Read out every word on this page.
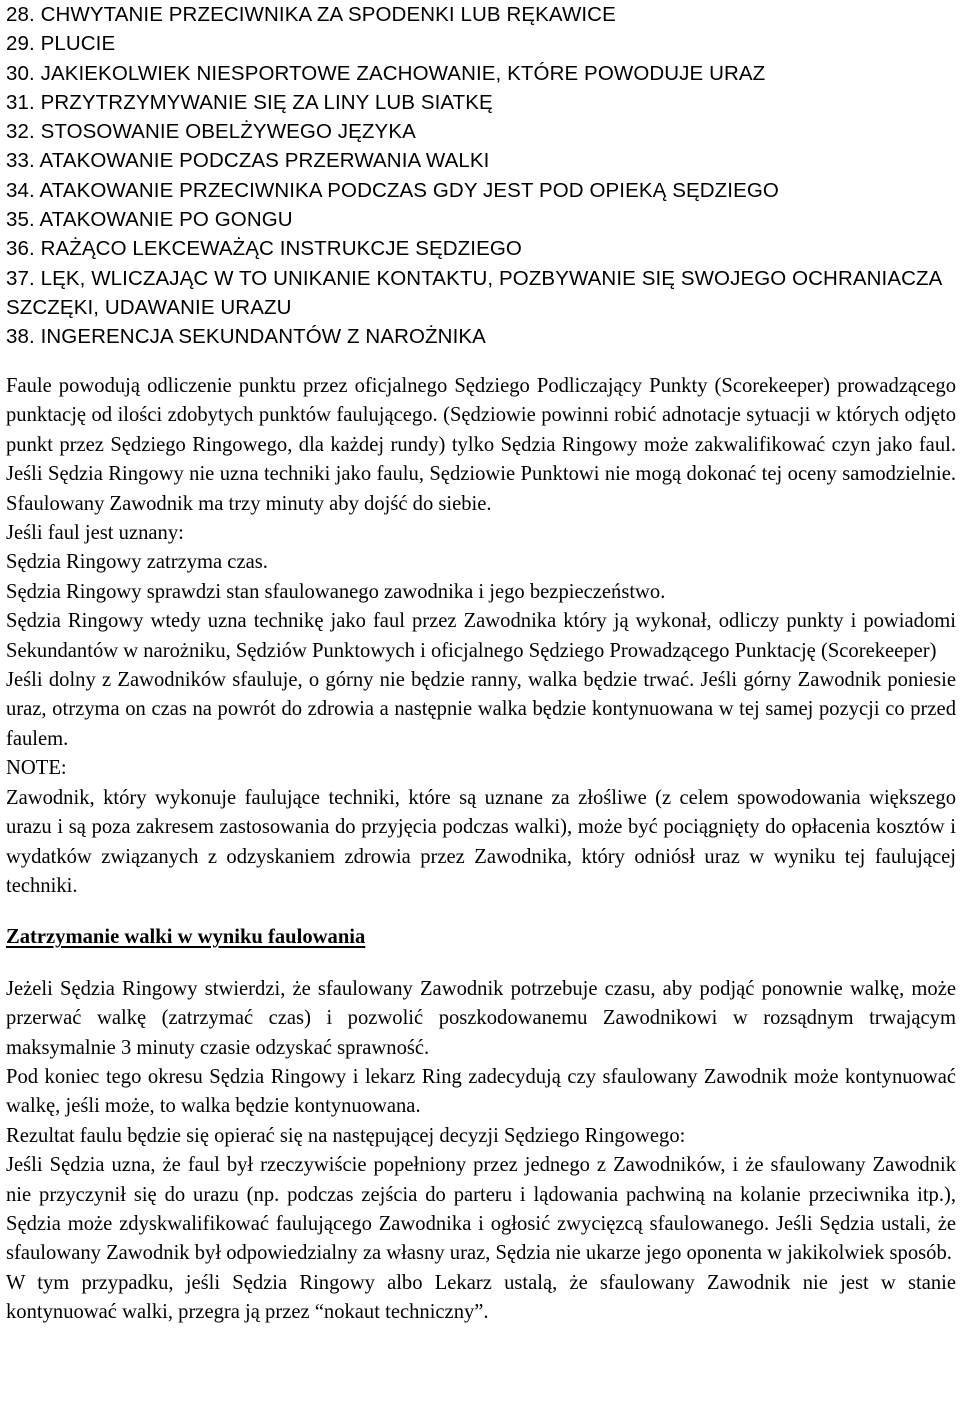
28. CHWYTANIE PRZECIWNIKA ZA SPODENKI LUB RĘKAWICE
29. PLUCIE
30. JAKIEKOLWIEK NIESPORTOWE ZACHOWANIE, KTÓRE POWODUJE URAZ
31. PRZYTRZYMYWANIE SIĘ ZA LINY LUB SIATKĘ
32. STOSOWANIE OBELŻYWEGO JĘZYKA
33. ATAKOWANIE PODCZAS PRZERWANIA WALKI
34. ATAKOWANIE PRZECIWNIKA PODCZAS GDY JEST POD OPIEKĄ SĘDZIEGO
35. ATAKOWANIE PO GONGU
36. RAŻĄCO LEKCEWAŻĄC INSTRUKCJE SĘDZIEGO
37. LĘK, WLICZAJĄC W TO UNIKANIE KONTAKTU, POZBYWANIE SIĘ SWOJEGO OCHRANIACZA SZCZĘKI, UDAWANIE URAZU
38. INGERENCJA SEKUNDANTÓW Z NAROŻNIKA

Faule powodują odliczenie punktu przez oficjalnego Sędziego Podliczający Punkty (Scorekeeper) prowadzącego punktację od ilości zdobytych punktów faulującego. (Sędziowie powinni robić adnotacje sytuacji w których odjęto punkt przez Sędziego Ringowego, dla każdej rundy) tylko Sędzia Ringowy może zakwalifikować czyn jako faul. Jeśli Sędzia Ringowy nie uzna techniki jako faulu, Sędziowie Punktowi nie mogą dokonać tej oceny samodzielnie. Sfaulowany Zawodnik ma trzy minuty aby dojść do siebie.

Jeśli faul jest uznany:

Sędzia Ringowy zatrzyma czas.

Sędzia Ringowy sprawdzi stan sfaulowanego zawodnika i jego bezpieczeństwo.

Sędzia Ringowy wtedy uzna technikę jako faul przez Zawodnika który ją wykonał, odliczy punkty i powiadomi Sekundantów w narożniku, Sędziów Punktowych i oficjalnego Sędziego Prowadzącego Punktację (Scorekeeper)

Jeśli dolny z Zawodników sfauluje, o górny nie będzie ranny, walka będzie trwać. Jeśli górny Zawodnik poniesie uraz, otrzyma on czas na powrót do zdrowia a następnie walka będzie kontynuowana w tej samej pozycji co przed faulem.

NOTE:

Zawodnik, który wykonuje faulujące techniki, które są uznane za złośliwe (z celem spowodowania większego urazu i są poza zakresem zastosowania do przyjęcia podczas walki), może być pociągnięty do opłacenia kosztów i wydatków związanych z odzyskaniem zdrowia przez Zawodnika, który odniósł uraz w wyniku tej faulującej techniki.

Zatrzymanie walki w wyniku faulowania

Jeżeli Sędzia Ringowy stwierdzi, że sfaulowany Zawodnik potrzebuje czasu, aby podjąć ponownie walkę, może przerwać walkę (zatrzymać czas) i pozwolić poszkodowanemu Zawodnikowi w rozsądnym trwającym maksymalnie 3 minuty czasie odzyskać sprawność.

Pod koniec tego okresu Sędzia Ringowy i lekarz Ring zadecydują czy sfaulowany Zawodnik może kontynuować walkę, jeśli może, to walka będzie kontynuowana.

Rezultat faulu będzie się opierać się na następującej decyzji Sędziego Ringowego:

Jeśli Sędzia uzna, że faul był rzeczywiście popełniony przez jednego z Zawodników, i że sfaulowany Zawodnik nie przyczynił się do urazu (np. podczas zejścia do parteru i lądowania pachwiną na kolanie przeciwnika itp.), Sędzia może zdyskwalifikować faulującego Zawodnika i ogłosić zwycięzcą sfaulowanego. Jeśli Sędzia ustali, że sfaulowany Zawodnik był odpowiedzialny za własny uraz, Sędzia nie ukarze jego oponenta w jakikolwiek sposób.

W tym przypadku, jeśli Sędzia Ringowy albo Lekarz ustalą, że sfaulowany Zawodnik nie jest w stanie kontynuować walki, przegra ją przez “nokaut techniczny”.
